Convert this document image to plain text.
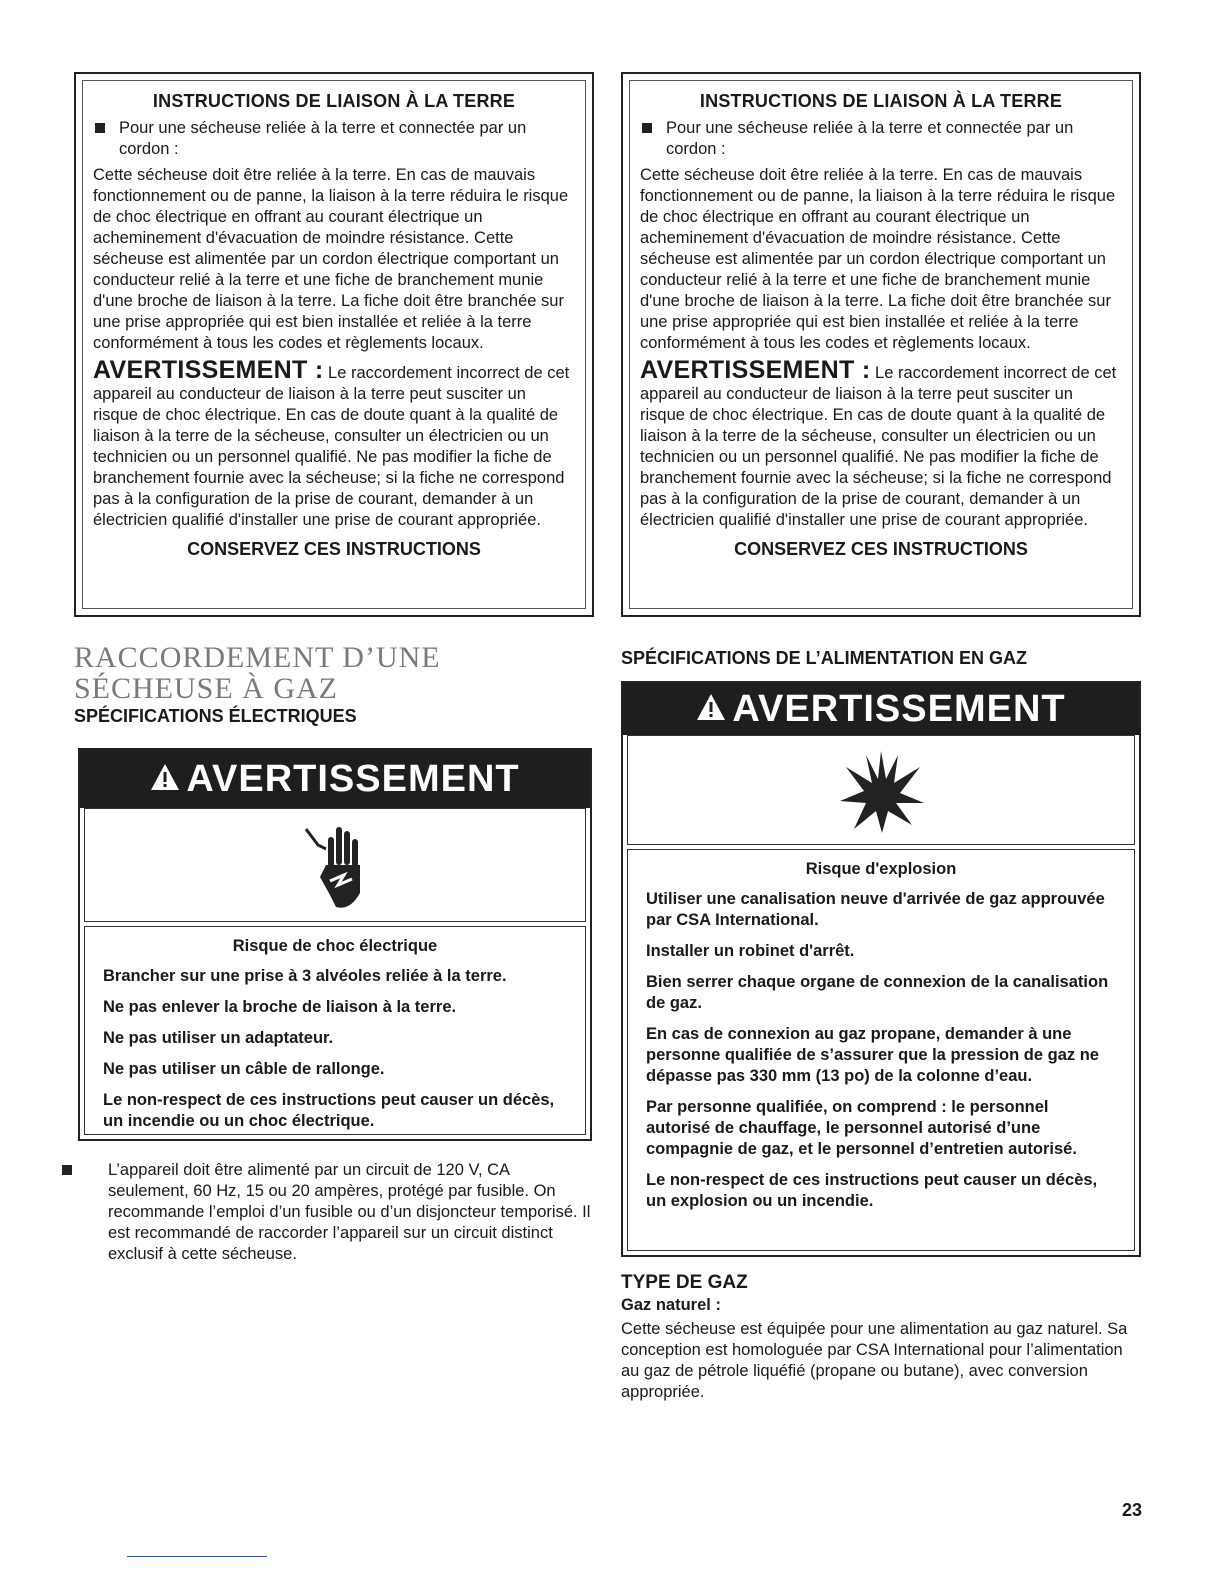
INSTRUCTIONS DE LIAISON À LA TERRE
Pour une sécheuse reliée à la terre et connectée par un cordon :
Cette sécheuse doit être reliée à la terre. En cas de mauvais fonctionnement ou de panne, la liaison à la terre réduira le risque de choc électrique en offrant au courant électrique un acheminement d'évacuation de moindre résistance. Cette sécheuse est alimentée par un cordon électrique comportant un conducteur relié à la terre et une fiche de branchement munie d'une broche de liaison à la terre. La fiche doit être branchée sur une prise appropriée qui est bien installée et reliée à la terre conformément à tous les codes et règlements locaux.
AVERTISSEMENT : Le raccordement incorrect de cet appareil au conducteur de liaison à la terre peut susciter un risque de choc électrique. En cas de doute quant à la qualité de liaison à la terre de la sécheuse, consulter un électricien ou un technicien ou un personnel qualifié. Ne pas modifier la fiche de branchement fournie avec la sécheuse; si la fiche ne correspond pas à la configuration de la prise de courant, demander à un électricien qualifié d'installer une prise de courant appropriée.
CONSERVEZ CES INSTRUCTIONS
INSTRUCTIONS DE LIAISON À LA TERRE
Pour une sécheuse reliée à la terre et connectée par un cordon :
Cette sécheuse doit être reliée à la terre. En cas de mauvais fonctionnement ou de panne, la liaison à la terre réduira le risque de choc électrique en offrant au courant électrique un acheminement d'évacuation de moindre résistance. Cette sécheuse est alimentée par un cordon électrique comportant un conducteur relié à la terre et une fiche de branchement munie d'une broche de liaison à la terre. La fiche doit être branchée sur une prise appropriée qui est bien installée et reliée à la terre conformément à tous les codes et règlements locaux.
AVERTISSEMENT : Le raccordement incorrect de cet appareil au conducteur de liaison à la terre peut susciter un risque de choc électrique. En cas de doute quant à la qualité de liaison à la terre de la sécheuse, consulter un électricien ou un technicien ou un personnel qualifié. Ne pas modifier la fiche de branchement fournie avec la sécheuse; si la fiche ne correspond pas à la configuration de la prise de courant, demander à un électricien qualifié d'installer une prise de courant appropriée.
CONSERVEZ CES INSTRUCTIONS
RACCORDEMENT D’UNE
SÉCHEUSE À GAZ
SPÉCIFICATIONS ÉLECTRIQUES
AVERTISSEMENT
Risque de choc électrique
Brancher sur une prise à 3 alvéoles reliée à la terre.
Ne pas enlever la broche de liaison à la terre.
Ne pas utiliser un adaptateur.
Ne pas utiliser un câble de rallonge.
Le non-respect de ces instructions peut causer un décès, un incendie ou un choc électrique.
L’appareil doit être alimenté par un circuit de 120 V, CA seulement, 60 Hz, 15 ou 20 ampères, protégé par fusible. On recommande l’emploi d’un fusible ou d’un disjoncteur temporisé. Il est recommandé de raccorder l’appareil sur un circuit distinct exclusif à cette sécheuse.
SPÉCIFICATIONS DE L’ALIMENTATION EN GAZ
AVERTISSEMENT
Risque d'explosion
Utiliser une canalisation neuve d'arrivée de gaz approuvée par CSA International.
Installer un robinet d'arrêt.
Bien serrer chaque organe de connexion de la canalisation de gaz.
En cas de connexion au gaz propane, demander à une personne qualifiée de s’assurer que la pression de gaz ne dépasse pas 330 mm (13 po) de la colonne d’eau.
Par personne qualifiée, on comprend : le personnel autorisé de chauffage, le personnel autorisé d’une compagnie de gaz, et le personnel d’entretien autorisé.
Le non-respect de ces instructions peut causer un décès, un explosion ou un incendie.
TYPE DE GAZ
Gaz naturel :
Cette sécheuse est équipée pour une alimentation au gaz naturel. Sa conception est homologuée par CSA International pour l’alimentation au gaz de pétrole liquéfié (propane ou butane), avec conversion appropriée.
23
